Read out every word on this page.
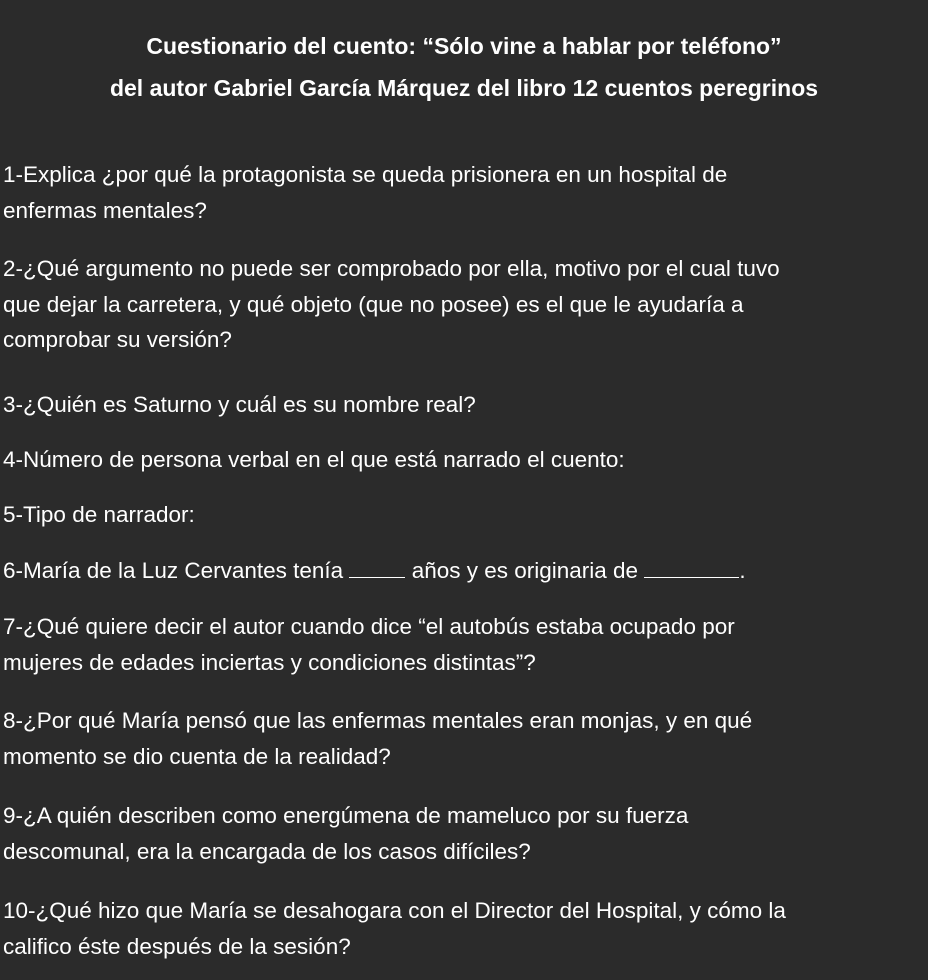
Cuestionario del cuento: “Sólo vine a hablar por teléfono”
del autor Gabriel García Márquez del libro 12 cuentos peregrinos
1-Explica ¿por qué la protagonista se queda prisionera en un hospital de
enfermas mentales?
2-¿Qué argumento no puede ser comprobado por ella, motivo por el cual tuvo
que dejar la carretera, y qué objeto (que no posee) es el que le ayudaría a
comprobar su versión?
3-¿Quién es Saturno y cuál es su nombre real?
4-Número de persona verbal en el que está narrado el cuento:
5-Tipo de narrador:
6-María de la Luz Cervantes tenía  años y es originaria de	.
7-¿Qué quiere decir el autor cuando dice “el autobús estaba ocupado por
mujeres de edades inciertas y condiciones distintas”?
8-¿Por qué María pensó que las enfermas mentales eran monjas, y en qué
momento se dio cuenta de la realidad?
9-¿A quién describen como energúmena de mameluco por su fuerza
descomunal, era la encargada de los casos difíciles?
10-¿Qué hizo que María se desahogara con el Director del Hospital, y cómo la
califico éste después de la sesión?
